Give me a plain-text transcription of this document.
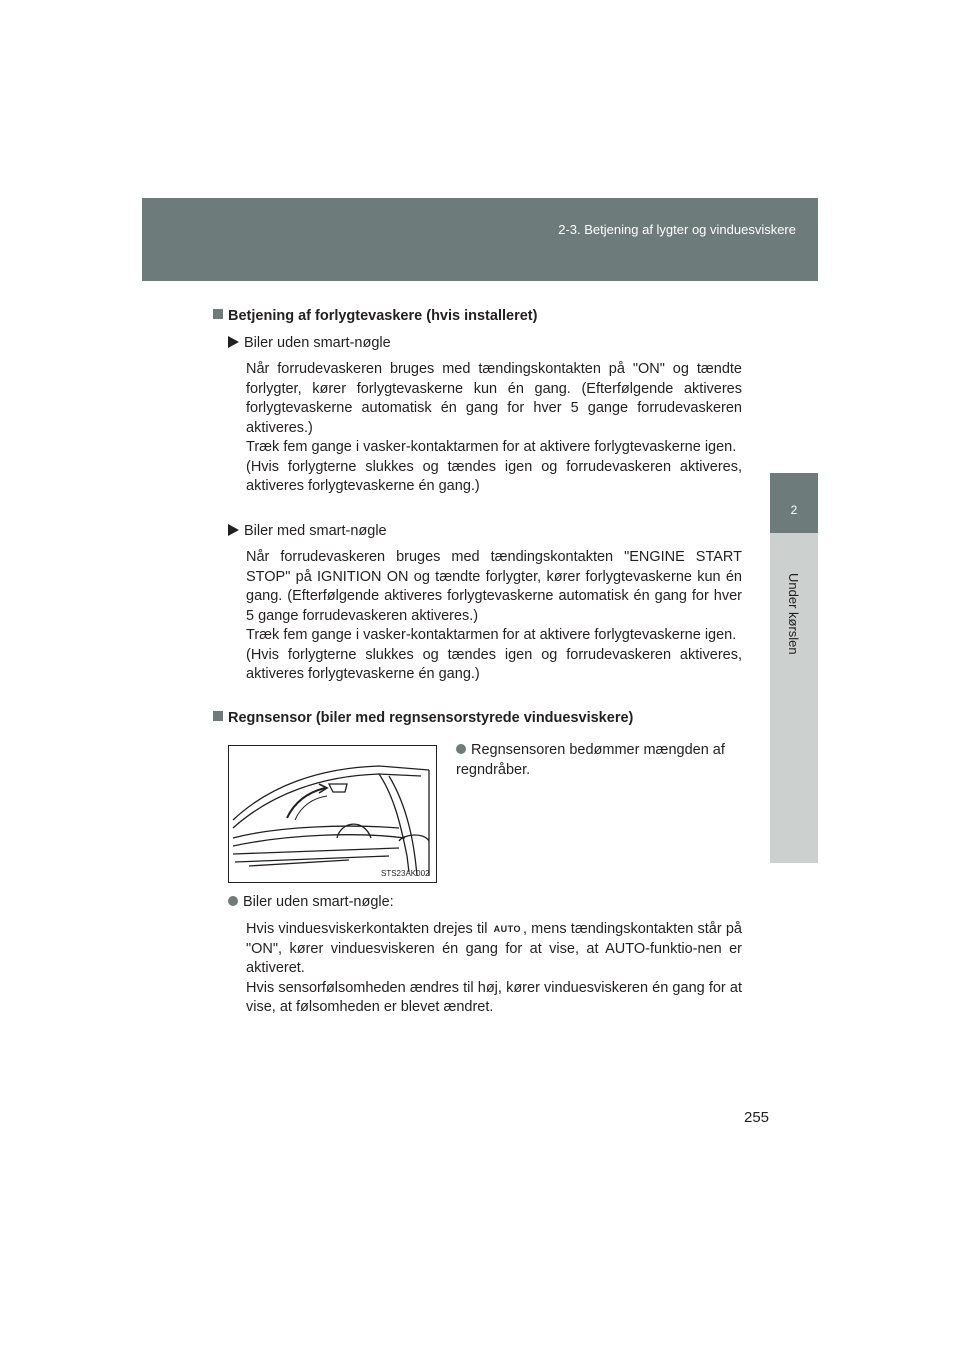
2-3. Betjening af lygter og vinduesviskere
2
Under kørslen
Betjening af forlygtevaskere (hvis installeret)
Biler uden smart-nøgle
Når forrudevaskeren bruges med tændingskontakten på "ON" og tændte forlygter, kører forlygtevaskerne kun én gang. (Efterfølgende aktiveres forlygtevaskerne automatisk én gang for hver 5 gange forrudevaskeren aktiveres.)
Træk fem gange i vasker-kontaktarmen for at aktivere forlygtevaskerne igen.
(Hvis forlygterne slukkes og tændes igen og forrudevaskeren aktiveres, aktiveres forlygtevaskerne én gang.)
Biler med smart-nøgle
Når forrudevaskeren bruges med tændingskontakten "ENGINE START STOP" på IGNITION ON og tændte forlygter, kører forlygtevaskerne kun én gang. (Efterfølgende aktiveres forlygtevaskerne automatisk én gang for hver 5 gange forrudevaskeren aktiveres.)
Træk fem gange i vasker-kontaktarmen for at aktivere forlygtevaskerne igen.
(Hvis forlygterne slukkes og tændes igen og forrudevaskeren aktiveres, aktiveres forlygtevaskerne én gang.)
Regnsensor (biler med regnsensorstyrede vinduesviskere)
STS23AK002
Regnsensoren bedømmer mængden af regndråber.
Biler uden smart-nøgle:
Hvis vinduesviskerkontakten drejes til AUTO , mens tændingskontakten står på "ON", kører vinduesviskeren én gang for at vise, at AUTO-funktio-nen er aktiveret.
Hvis sensorfølsomheden ændres til høj, kører vinduesviskeren én gang for at vise, at følsomheden er blevet ændret.
255
